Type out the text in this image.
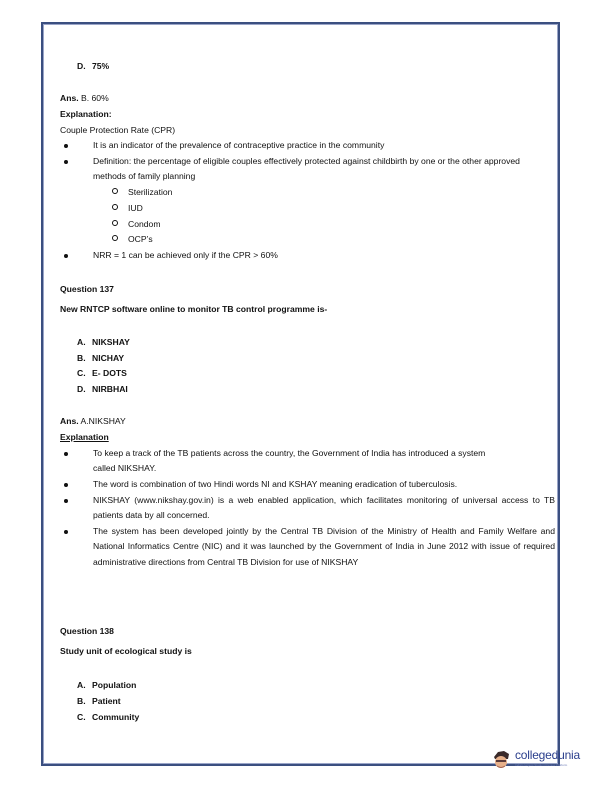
D. 75%
Ans. B. 60%
Explanation:
Couple Protection Rate (CPR)
It is an indicator of the prevalence of contraceptive practice in the community
Definition: the percentage of eligible couples effectively protected against childbirth by one or the other approved methods of family planning
Sterilization
IUD
Condom
OCP’s
NRR = 1 can be achieved only if the CPR > 60%
Question 137
New RNTCP software online to monitor TB control programme is-
A. NIKSHAY
B. NICHAY
C. E- DOTS
D. NIRBHAI
Ans. A.NIKSHAY
Explanation
To keep a track of the TB patients across the country, the Government of India has introduced a system called NIKSHAY.
The word is combination of two Hindi words NI and KSHAY meaning eradication of tuberculosis.
NIKSHAY (www.nikshay.gov.in) is a web enabled application, which facilitates monitoring of universal access to TB patients data by all concerned.
The system has been developed jointly by the Central TB Division of the Ministry of Health and Family Welfare and National Informatics Centre (NIC) and it was launched by the Government of India in June 2012 with issue of required administrative directions from Central TB Division for use of NIKSHAY
Question 138
Study unit of ecological study is
A. Population
B. Patient
C. Community
collegedunia
India's largest Student Review Platform
